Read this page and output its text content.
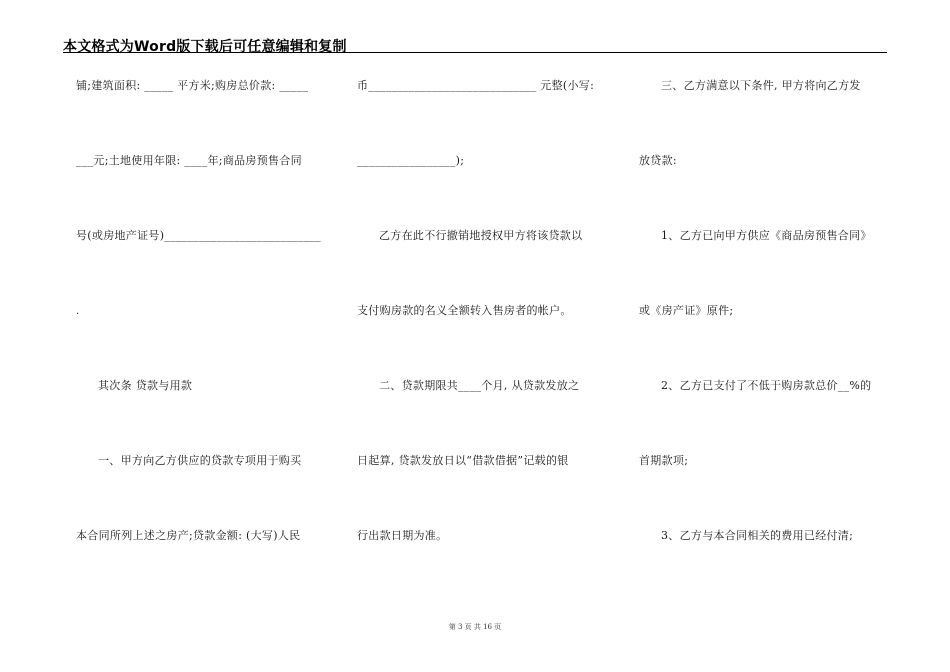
本文格式为Word版下载后可任意编辑和复制
铺;建筑面积: _____ 平方米;购房总价款: _____
___元;土地使用年限: ____年;商品房预售合同
号(或房地产证号)___________________________
.
其次条 贷款与用款
一、甲方向乙方供应的贷款专项用于购买
本合同所列上述之房产;贷款金额: (大写)人民
币_____________________________ 元整(小写:
_________________);
乙方在此不行撤销地授权甲方将该贷款以
支付购房款的名义全额转入售房者的帐户。
二、贷款期限共____个月, 从贷款发放之
日起算, 贷款发放日以“借款借据”记载的银
行出款日期为准。
三、乙方满意以下条件, 甲方将向乙方发
放贷款:
1、乙方已向甲方供应《商品房预售合同》
或《房产证》原件;
2、乙方已支付了不低于购房款总价__%的
首期款项;
3、乙方与本合同相关的费用已经付清;
第 3 页 共 16 页
